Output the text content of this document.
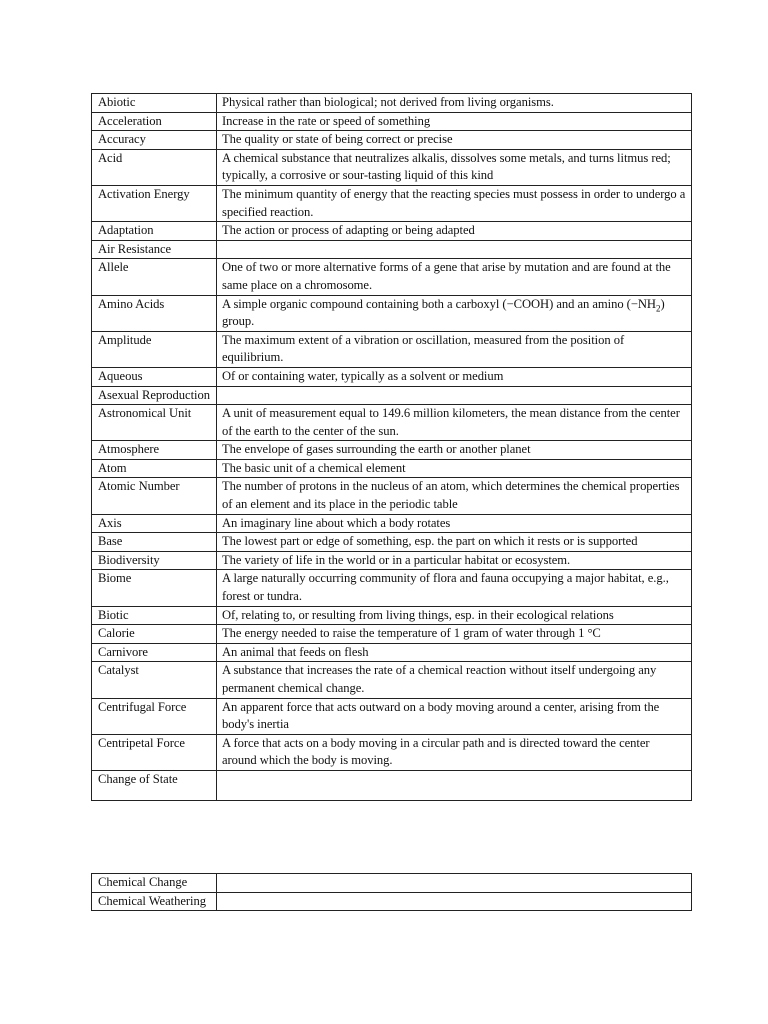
Abiotic	Physical rather than biological; not derived from living organisms.
Acceleration	Increase in the rate or speed of something
Accuracy	The quality or state of being correct or precise
Acid	A chemical substance that neutralizes alkalis, dissolves some metals, and turns litmus red; typically, a corrosive or sour-tasting liquid of this kind
Activation Energy	The minimum quantity of energy that the reacting species must possess in order to undergo a specified reaction.
Adaptation	The action or process of adapting or being adapted
Air Resistance	
Allele	One of two or more alternative forms of a gene that arise by mutation and are found at the same place on a chromosome.
Amino Acids	A simple organic compound containing both a carboxyl (−COOH) and an amino $(-NH_2)$ group.
Amplitude	The maximum extent of a vibration or oscillation, measured from the position of equilibrium.
Aqueous	Of or containing water, typically as a solvent or medium
Asexual Reproduction	
Astronomical Unit	A unit of measurement equal to 149.6 million kilometers, the mean distance from the center of the earth to the center of the sun.
Atmosphere	The envelope of gases surrounding the earth or another planet
Atom	The basic unit of a chemical element
Atomic Number	The number of protons in the nucleus of an atom, which determines the chemical properties of an element and its place in the periodic table
Axis	An imaginary line about which a body rotates
Base	The lowest part or edge of something, esp. the part on which it rests or is supported
Biodiversity	The variety of life in the world or in a particular habitat or ecosystem.
Biome	A large naturally occurring community of flora and fauna occupying a major habitat, e.g., forest or tundra.
Biotic	Of, relating to, or resulting from living things, esp. in their ecological relations
Calorie	The energy needed to raise the temperature of 1 gram of water through 1 °C
Carnivore	An animal that feeds on flesh
Catalyst	A substance that increases the rate of a chemical reaction without itself undergoing any permanent chemical change.
Centrifugal Force	An apparent force that acts outward on a body moving around a center, arising from the body's inertia
Centripetal Force	A force that acts on a body moving in a circular path and is directed toward the center around which the body is moving.
Change of State	
Chemical Change	
Chemical Weathering	
